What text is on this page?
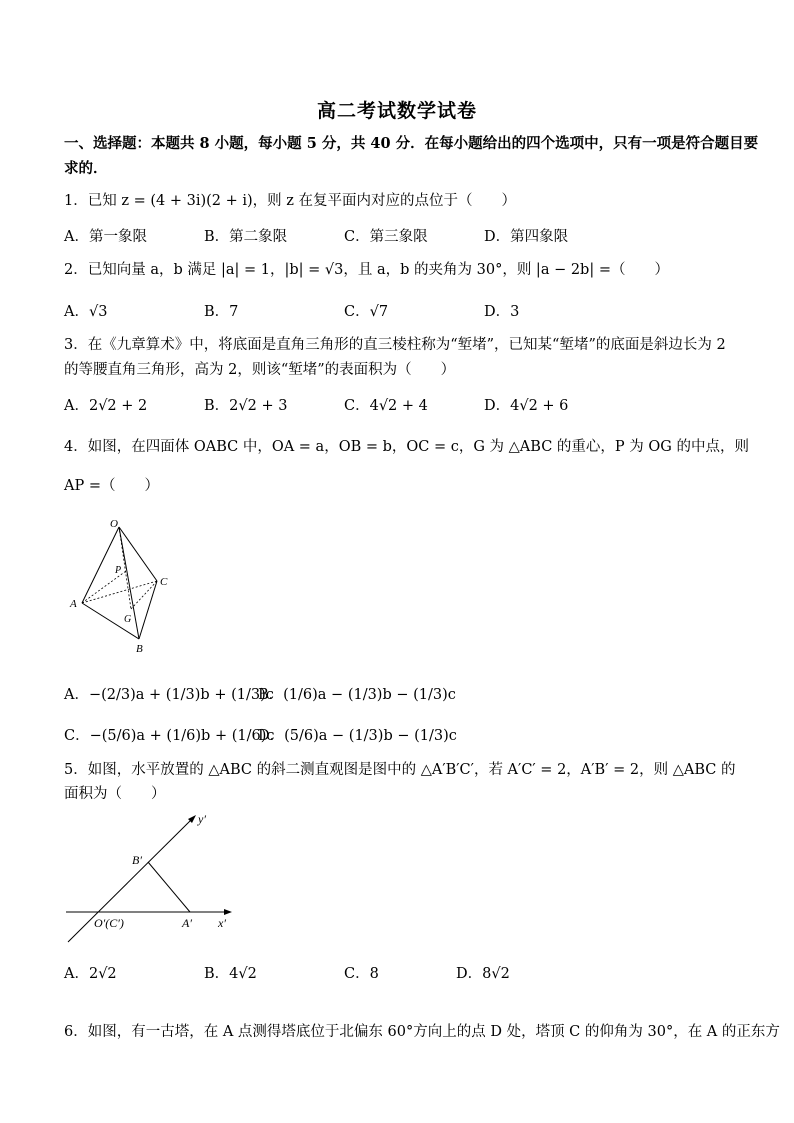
高二考试数学试卷
一、选择题：本题共 8 小题，每小题 5 分，共 40 分．在每小题给出的四个选项中，只有一项是符合题目要
求的．
1．已知 z = (4 + 3i)(2 + i)，则 z 在复平面内对应的点位于（　　）
A．第一象限	B．第二象限	C．第三象限	D．第四象限
2．已知向量 a，b 满足 |a| = 1，|b| = √3，且 a，b 的夹角为 30°，则 |a − 2b| =（　　）
A．√3	B．7	C．√7	D．3
3．在《九章算术》中，将底面是直角三角形的直三棱柱称为“堑堵”，已知某“堑堵”的底面是斜边长为 2
的等腰直角三角形，高为 2，则该“堑堵”的表面积为（　　）
A．2√2 + 2	B．2√2 + 3	C．4√2 + 4	D．4√2 + 6
4．如图，在四面体 OABC 中，OA = a，OB = b，OC = c，G 为 △ABC 的重心，P 为 OG 的中点，则
AP =（　　）
O
P
C
A
G
B
A．−(2/3)a + (1/3)b + (1/3)c
B．(1/6)a − (1/3)b − (1/3)c
C．−(5/6)a + (1/6)b + (1/6)c
D．(5/6)a − (1/3)b − (1/3)c
5．如图，水平放置的 △ABC 的斜二测直观图是图中的 △A′B′C′，若 A′C′ = 2，A′B′ = 2，则 △ABC 的
面积为（　　）
y′
B′
O′(C′)	A′ x′
A．2√2	B．4√2	C．8	D．8√2
6．如图，有一古塔，在 A 点测得塔底位于北偏东 60°方向上的点 D 处，塔顶 C 的仰角为 30°，在 A 的正东方
